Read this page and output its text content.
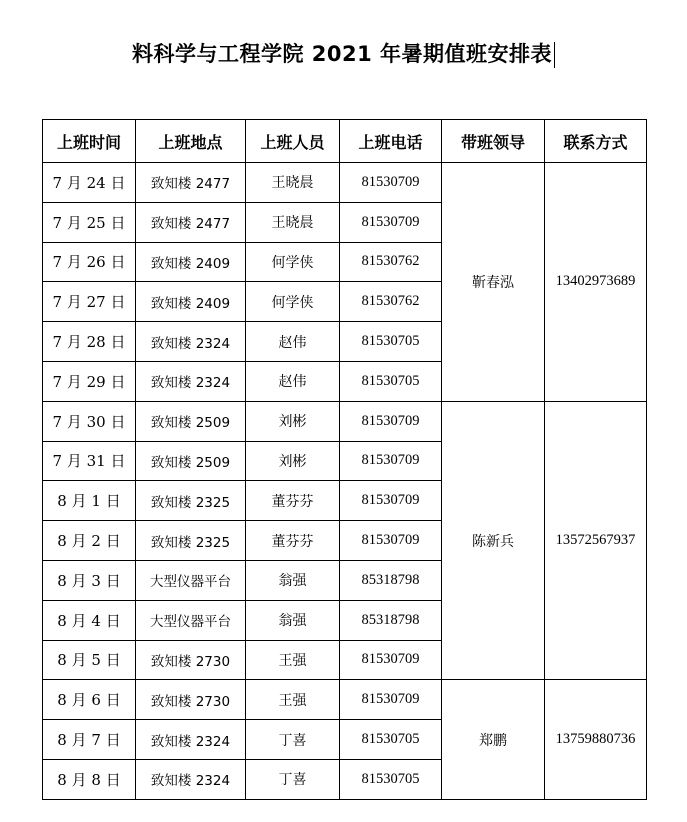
料科学与工程学院 2021 年暑期值班安排表
上班时间	上班地点	上班人员	上班电话	带班领导	联系方式
7 月 24 日	致知楼 2477	王晓晨	81530709	靳春泓	13402973689
7 月 25 日	致知楼 2477	王晓晨	81530709		
7 月 26 日	致知楼 2409	何学侠	81530762		
7 月 27 日	致知楼 2409	何学侠	81530762		
7 月 28 日	致知楼 2324	赵伟	81530705		
7 月 29 日	致知楼 2324	赵伟	81530705		
7 月 30 日	致知楼 2509	刘彬	81530709	陈新兵	13572567937
7 月 31 日	致知楼 2509	刘彬	81530709		
8 月 1 日	致知楼 2325	董芬芬	81530709		
8 月 2 日	致知楼 2325	董芬芬	81530709		
8 月 3 日	大型仪器平台	翁强	85318798		
8 月 4 日	大型仪器平台	翁强	85318798		
8 月 5 日	致知楼 2730	王强	81530709		
8 月 6 日	致知楼 2730	王强	81530709	郑鹏	13759880736
8 月 7 日	致知楼 2324	丁喜	81530705		
8 月 8 日	致知楼 2324	丁喜	81530705		
